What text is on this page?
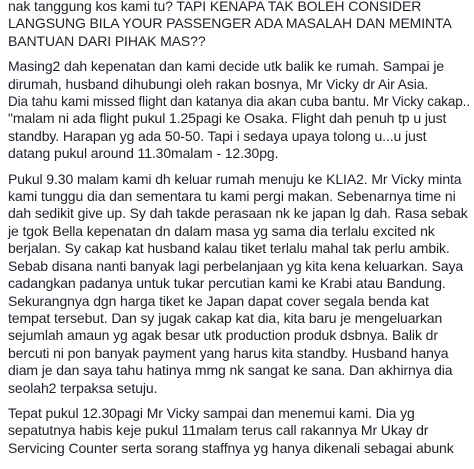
nak tanggung kos kami tu? TAPI KENAPA TAK BOLEH CONSIDER
LANGSUNG BILA YOUR PASSENGER ADA MASALAH DAN MEMINTA
BANTUAN DARI PIHAK MAS??
Masing2 dah kepenatan dan kami decide utk balik ke rumah. Sampai je
dirumah, husband dihubungi oleh rakan bosnya, Mr Vicky dr Air Asia.
Dia tahu kami missed flight dan katanya dia akan cuba bantu. Mr Vicky cakap..
"malam ni ada flight pukul 1.25pagi ke Osaka. Flight dah penuh tp u just
standby. Harapan yg ada 50-50. Tapi i sedaya upaya tolong u...u just
datang pukul around 11.30malam - 12.30pg.
Pukul 9.30 malam kami dh keluar rumah menuju ke KLIA2. Mr Vicky minta
kami tunggu dia dan sementara tu kami pergi makan. Sebenarnya time ni
dah sedikit give up. Sy dah takde perasaan nk ke japan lg dah. Rasa sebak
je tgok Bella kepenatan dn dalam masa yg sama dia terlalu excited nk
berjalan. Sy cakap kat husband kalau tiket terlalu mahal tak perlu ambik.
Sebab disana nanti banyak lagi perbelanjaan yg kita kena keluarkan. Saya
cadangkan padanya untuk tukar percutian kami ke Krabi atau Bandung.
Sekurangnya dgn harga tiket ke Japan dapat cover segala benda kat
tempat tersebut. Dan sy jugak cakap kat dia, kita baru je mengeluarkan
sejumlah amaun yg agak besar utk production produk dsbnya. Balik dr
bercuti ni pon banyak payment yang harus kita standby. Husband hanya
diam je dan saya tahu hatinya mmg nk sangat ke sana. Dan akhirnya dia
seolah2 terpaksa setuju.
Tepat pukul 12.30pagi Mr Vicky sampai dan menemui kami. Dia yg
sepatutnya habis keje pukul 11malam terus call rakannya Mr Ukay dr
Servicing Counter serta sorang staffnya yg hanya dikenali sebagai abunk
